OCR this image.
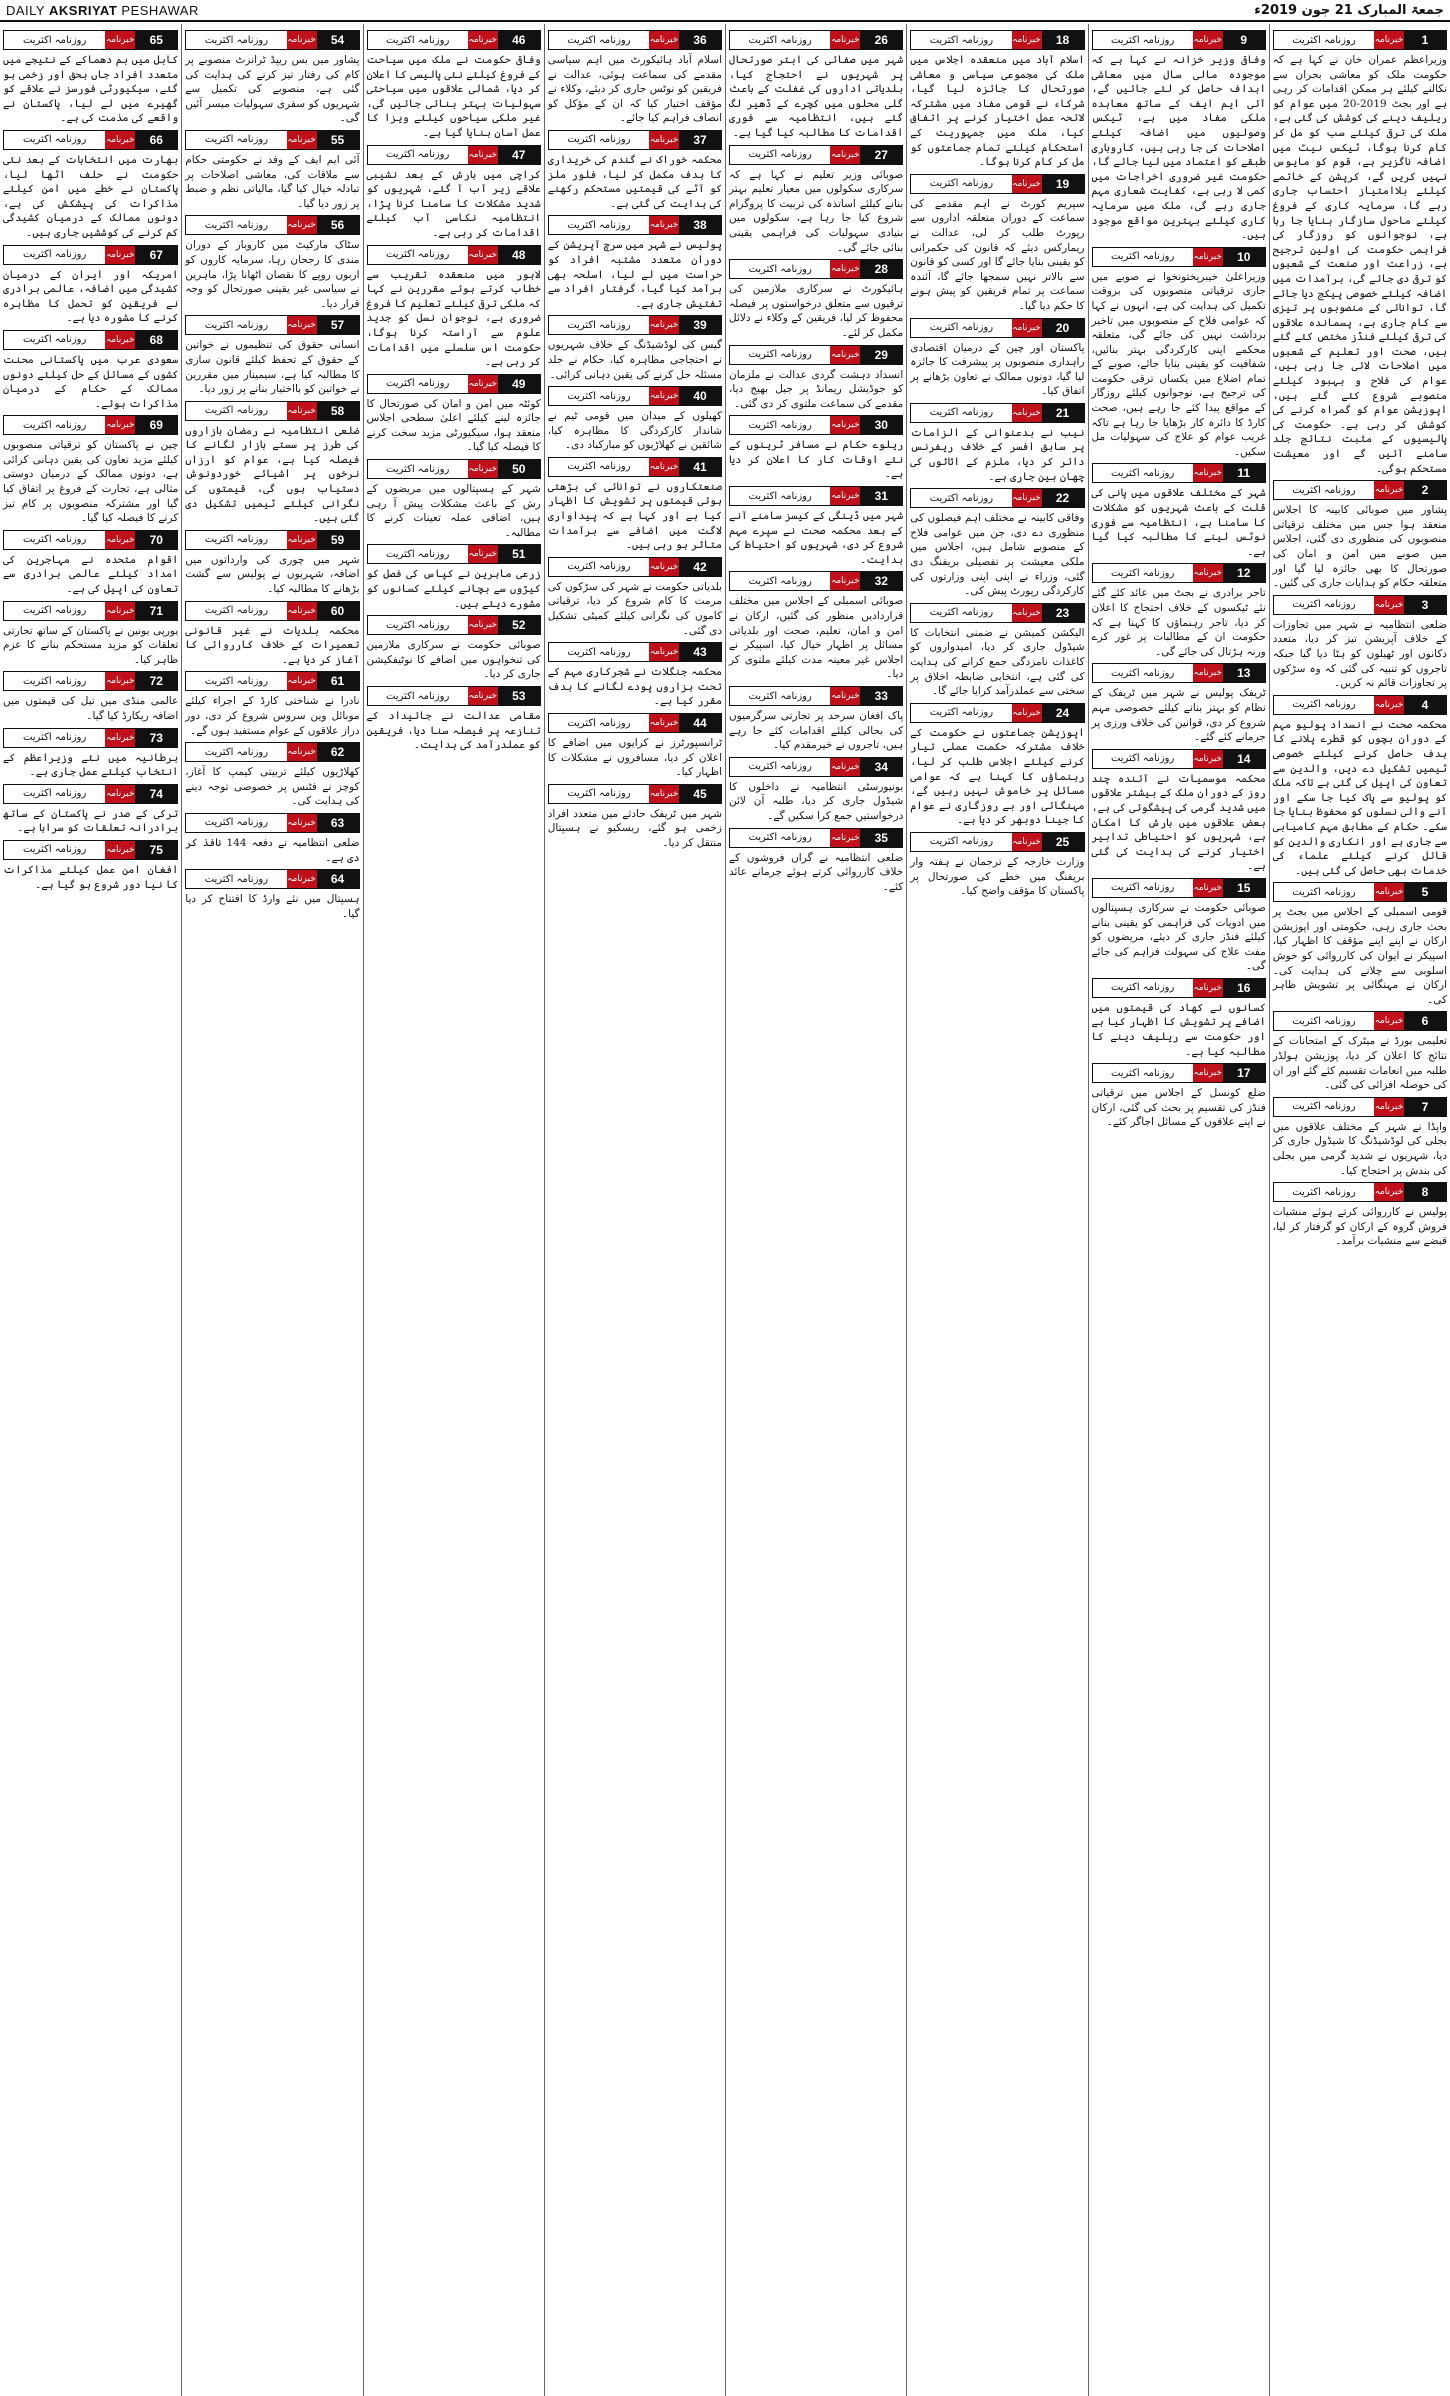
DAILY AKSRIYAT PESHAWAR	جمعۃ المبارک 21 جون 2019ء
1
خبرنامہ
روزنامہ اکثریت
وزیراعظم عمران خان نے کہا ہے کہ حکومت ملک کو معاشی بحران سے نکالنے کیلئے ہر ممکن اقدامات کر رہی ہے اور بجٹ 2019-20 میں عوام کو ریلیف دینے کی کوشش کی گئی ہے، ملک کی ترقی کیلئے سب کو مل کر کام کرنا ہوگا، ٹیکس نیٹ میں اضافہ ناگزیر ہے، قوم کو مایوس نہیں کریں گے، کرپشن کے خاتمے کیلئے بلاامتیاز احتساب جاری رہے گا، سرمایہ کاری کے فروغ کیلئے ماحول سازگار بنایا جا رہا ہے، نوجوانوں کو روزگار کی فراہمی حکومت کی اولین ترجیح ہے، زراعت اور صنعت کے شعبوں کو ترقی دی جائے گی، برآمدات میں اضافہ کیلئے خصوصی پیکج دیا جائے گا، توانائی کے منصوبوں پر تیزی سے کام جاری ہے، پسماندہ علاقوں کی ترقی کیلئے فنڈز مختص کئے گئے ہیں، صحت اور تعلیم کے شعبوں میں اصلاحات لائی جا رہی ہیں، عوام کی فلاح و بہبود کیلئے منصوبے شروع کئے گئے ہیں، اپوزیشن عوام کو گمراہ کرنے کی کوشش کر رہی ہے۔ حکومت کی پالیسیوں کے مثبت نتائج جلد سامنے آئیں گے اور معیشت مستحکم ہوگی۔
2
خبرنامہ
روزنامہ اکثریت
پشاور میں صوبائی کابینہ کا اجلاس منعقد ہوا جس میں مختلف ترقیاتی منصوبوں کی منظوری دی گئی، اجلاس میں صوبے میں امن و امان کی صورتحال کا بھی جائزہ لیا گیا اور متعلقہ حکام کو ہدایات جاری کی گئیں۔
3
خبرنامہ
روزنامہ اکثریت
ضلعی انتظامیہ نے شہر میں تجاوزات کے خلاف آپریشن تیز کر دیا، متعدد دکانوں اور ٹھیلوں کو ہٹا دیا گیا جبکہ تاجروں کو تنبیہ کی گئی کہ وہ سڑکوں پر تجاوزات قائم نہ کریں۔
4
خبرنامہ
روزنامہ اکثریت
محکمہ صحت نے انسداد پولیو مہم کے دوران بچوں کو قطرے پلانے کا ہدف حاصل کرنے کیلئے خصوصی ٹیمیں تشکیل دے دیں، والدین سے تعاون کی اپیل کی گئی ہے تاکہ ملک کو پولیو سے پاک کیا جا سکے اور آنے والی نسلوں کو محفوظ بنایا جا سکے۔ حکام کے مطابق مہم کامیابی سے جاری ہے اور انکاری والدین کو قائل کرنے کیلئے علماء کی خدمات بھی حاصل کی گئی ہیں۔
5
خبرنامہ
روزنامہ اکثریت
قومی اسمبلی کے اجلاس میں بجٹ پر بحث جاری رہی، حکومتی اور اپوزیشن ارکان نے اپنے اپنے مؤقف کا اظہار کیا، اسپیکر نے ایوان کی کارروائی کو خوش اسلوبی سے چلانے کی ہدایت کی۔ ارکان نے مہنگائی پر تشویش ظاہر کی۔
6
خبرنامہ
روزنامہ اکثریت
تعلیمی بورڈ نے میٹرک کے امتحانات کے نتائج کا اعلان کر دیا، پوزیشن ہولڈر طلبہ میں انعامات تقسیم کئے گئے اور ان کی حوصلہ افزائی کی گئی۔
7
خبرنامہ
روزنامہ اکثریت
واپڈا نے شہر کے مختلف علاقوں میں بجلی کی لوڈشیڈنگ کا شیڈول جاری کر دیا، شہریوں نے شدید گرمی میں بجلی کی بندش پر احتجاج کیا۔
8
خبرنامہ
روزنامہ اکثریت
پولیس نے کارروائی کرتے ہوئے منشیات فروش گروہ کے ارکان کو گرفتار کر لیا، قبضے سے منشیات برآمد۔
9
خبرنامہ
روزنامہ اکثریت
وفاقی وزیر خزانہ نے کہا ہے کہ موجودہ مالی سال میں معاشی اہداف حاصل کر لئے جائیں گے، آئی ایم ایف کے ساتھ معاہدہ ملکی مفاد میں ہے، ٹیکس وصولیوں میں اضافہ کیلئے اصلاحات کی جا رہی ہیں، کاروباری طبقے کو اعتماد میں لیا جائے گا، حکومت غیر ضروری اخراجات میں کمی لا رہی ہے، کفایت شعاری مہم جاری رہے گی، ملک میں سرمایہ کاری کیلئے بہترین مواقع موجود ہیں۔
10
خبرنامہ
روزنامہ اکثریت
وزیراعلیٰ خیبرپختونخوا نے صوبے میں جاری ترقیاتی منصوبوں کی بروقت تکمیل کی ہدایت کی ہے، انہوں نے کہا کہ عوامی فلاح کے منصوبوں میں تاخیر برداشت نہیں کی جائے گی، متعلقہ محکمے اپنی کارکردگی بہتر بنائیں، شفافیت کو یقینی بنایا جائے، صوبے کے تمام اضلاع میں یکساں ترقی حکومت کی ترجیح ہے، نوجوانوں کیلئے روزگار کے مواقع پیدا کئے جا رہے ہیں، صحت کارڈ کا دائرہ کار بڑھایا جا رہا ہے تاکہ غریب عوام کو علاج کی سہولیات مل سکیں۔
11
خبرنامہ
روزنامہ اکثریت
شہر کے مختلف علاقوں میں پانی کی قلت کے باعث شہریوں کو مشکلات کا سامنا ہے، انتظامیہ سے فوری نوٹس لینے کا مطالبہ کیا گیا ہے۔
12
خبرنامہ
روزنامہ اکثریت
تاجر برادری نے بجٹ میں عائد کئے گئے نئے ٹیکسوں کے خلاف احتجاج کا اعلان کر دیا، تاجر رہنماؤں کا کہنا ہے کہ حکومت ان کے مطالبات پر غور کرے ورنہ ہڑتال کی جائے گی۔
13
خبرنامہ
روزنامہ اکثریت
ٹریفک پولیس نے شہر میں ٹریفک کے نظام کو بہتر بنانے کیلئے خصوصی مہم شروع کر دی، قوانین کی خلاف ورزی پر جرمانے کئے گئے۔
14
خبرنامہ
روزنامہ اکثریت
محکمہ موسمیات نے آئندہ چند روز کے دوران ملک کے بیشتر علاقوں میں شدید گرمی کی پیشگوئی کی ہے، بعض علاقوں میں بارش کا امکان ہے، شہریوں کو احتیاطی تدابیر اختیار کرنے کی ہدایت کی گئی ہے۔
15
خبرنامہ
روزنامہ اکثریت
صوبائی حکومت نے سرکاری ہسپتالوں میں ادویات کی فراہمی کو یقینی بنانے کیلئے فنڈز جاری کر دیئے، مریضوں کو مفت علاج کی سہولت فراہم کی جائے گی۔
16
خبرنامہ
روزنامہ اکثریت
کسانوں نے کھاد کی قیمتوں میں اضافے پر تشویش کا اظہار کیا ہے اور حکومت سے ریلیف دینے کا مطالبہ کیا ہے۔
17
خبرنامہ
روزنامہ اکثریت
ضلع کونسل کے اجلاس میں ترقیاتی فنڈز کی تقسیم پر بحث کی گئی، ارکان نے اپنے علاقوں کے مسائل اجاگر کئے۔
18
خبرنامہ
روزنامہ اکثریت
اسلام آباد میں منعقدہ اجلاس میں ملک کی مجموعی سیاسی و معاشی صورتحال کا جائزہ لیا گیا، شرکاء نے قومی مفاد میں مشترکہ لائحہ عمل اختیار کرنے پر اتفاق کیا، ملک میں جمہوریت کے استحکام کیلئے تمام جماعتوں کو مل کر کام کرنا ہوگا۔
19
خبرنامہ
روزنامہ اکثریت
سپریم کورٹ نے اہم مقدمے کی سماعت کے دوران متعلقہ اداروں سے رپورٹ طلب کر لی، عدالت نے ریمارکس دیئے کہ قانون کی حکمرانی کو یقینی بنایا جائے گا اور کسی کو قانون سے بالاتر نہیں سمجھا جائے گا، آئندہ سماعت پر تمام فریقین کو پیش ہونے کا حکم دیا گیا۔
20
خبرنامہ
روزنامہ اکثریت
پاکستان اور چین کے درمیان اقتصادی راہداری منصوبوں پر پیشرفت کا جائزہ لیا گیا، دونوں ممالک نے تعاون بڑھانے پر اتفاق کیا۔
21
خبرنامہ
روزنامہ اکثریت
نیب نے بدعنوانی کے الزامات پر سابق افسر کے خلاف ریفرنس دائر کر دیا، ملزم کے اثاثوں کی چھان بین جاری ہے۔
22
خبرنامہ
روزنامہ اکثریت
وفاقی کابینہ نے مختلف اہم فیصلوں کی منظوری دے دی، جن میں عوامی فلاح کے منصوبے شامل ہیں، اجلاس میں ملکی معیشت پر تفصیلی بریفنگ دی گئی، وزراء نے اپنی اپنی وزارتوں کی کارکردگی رپورٹ پیش کی۔
23
خبرنامہ
روزنامہ اکثریت
الیکشن کمیشن نے ضمنی انتخابات کا شیڈول جاری کر دیا، امیدواروں کو کاغذات نامزدگی جمع کرانے کی ہدایت کی گئی ہے، انتخابی ضابطہ اخلاق پر سختی سے عملدرآمد کرایا جائے گا۔
24
خبرنامہ
روزنامہ اکثریت
اپوزیشن جماعتوں نے حکومت کے خلاف مشترکہ حکمت عملی تیار کرنے کیلئے اجلاس طلب کر لیا، رہنماؤں کا کہنا ہے کہ عوامی مسائل پر خاموش نہیں رہیں گے، مہنگائی اور بے روزگاری نے عوام کا جینا دوبھر کر دیا ہے۔
25
خبرنامہ
روزنامہ اکثریت
وزارت خارجہ کے ترجمان نے ہفتہ وار بریفنگ میں خطے کی صورتحال پر پاکستان کا مؤقف واضح کیا۔
26
خبرنامہ
روزنامہ اکثریت
شہر میں صفائی کی ابتر صورتحال پر شہریوں نے احتجاج کیا، بلدیاتی اداروں کی غفلت کے باعث گلی محلوں میں کچرے کے ڈھیر لگ گئے ہیں، انتظامیہ سے فوری اقدامات کا مطالبہ کیا گیا ہے۔
27
خبرنامہ
روزنامہ اکثریت
صوبائی وزیر تعلیم نے کہا ہے کہ سرکاری سکولوں میں معیار تعلیم بہتر بنانے کیلئے اساتذہ کی تربیت کا پروگرام شروع کیا جا رہا ہے، سکولوں میں بنیادی سہولیات کی فراہمی یقینی بنائی جائے گی۔
28
خبرنامہ
روزنامہ اکثریت
ہائیکورٹ نے سرکاری ملازمین کی ترقیوں سے متعلق درخواستوں پر فیصلہ محفوظ کر لیا، فریقین کے وکلاء نے دلائل مکمل کر لئے۔
29
خبرنامہ
روزنامہ اکثریت
انسداد دہشت گردی عدالت نے ملزمان کو جوڈیشل ریمانڈ پر جیل بھیج دیا، مقدمے کی سماعت ملتوی کر دی گئی۔
30
خبرنامہ
روزنامہ اکثریت
ریلوے حکام نے مسافر ٹرینوں کے نئے اوقات کار کا اعلان کر دیا ہے۔
31
خبرنامہ
روزنامہ اکثریت
شہر میں ڈینگی کے کیسز سامنے آنے کے بعد محکمہ صحت نے سپرے مہم شروع کر دی، شہریوں کو احتیاط کی ہدایت۔
32
خبرنامہ
روزنامہ اکثریت
صوبائی اسمبلی کے اجلاس میں مختلف قراردادیں منظور کی گئیں، ارکان نے امن و امان، تعلیم، صحت اور بلدیاتی مسائل پر اظہار خیال کیا، اسپیکر نے اجلاس غیر معینہ مدت کیلئے ملتوی کر دیا۔
33
خبرنامہ
روزنامہ اکثریت
پاک افغان سرحد پر تجارتی سرگرمیوں کی بحالی کیلئے اقدامات کئے جا رہے ہیں، تاجروں نے خیرمقدم کیا۔
34
خبرنامہ
روزنامہ اکثریت
یونیورسٹی انتظامیہ نے داخلوں کا شیڈول جاری کر دیا، طلبہ آن لائن درخواستیں جمع کرا سکیں گے۔
35
خبرنامہ
روزنامہ اکثریت
ضلعی انتظامیہ نے گراں فروشوں کے خلاف کارروائی کرتے ہوئے جرمانے عائد کئے۔
36
خبرنامہ
روزنامہ اکثریت
اسلام آباد ہائیکورٹ میں اہم سیاسی مقدمے کی سماعت ہوئی، عدالت نے فریقین کو نوٹس جاری کر دیئے، وکلاء نے مؤقف اختیار کیا کہ ان کے مؤکل کو انصاف فراہم کیا جائے۔
37
خبرنامہ
روزنامہ اکثریت
محکمہ خوراک نے گندم کی خریداری کا ہدف مکمل کر لیا، فلور ملز کو آٹے کی قیمتیں مستحکم رکھنے کی ہدایت کی گئی ہے۔
38
خبرنامہ
روزنامہ اکثریت
پولیس نے شہر میں سرچ آپریشن کے دوران متعدد مشتبہ افراد کو حراست میں لے لیا، اسلحہ بھی برآمد کیا گیا، گرفتار افراد سے تفتیش جاری ہے۔
39
خبرنامہ
روزنامہ اکثریت
گیس کی لوڈشیڈنگ کے خلاف شہریوں نے احتجاجی مظاہرہ کیا، حکام نے جلد مسئلہ حل کرنے کی یقین دہانی کرائی۔
40
خبرنامہ
روزنامہ اکثریت
کھیلوں کے میدان میں قومی ٹیم نے شاندار کارکردگی کا مظاہرہ کیا، شائقین نے کھلاڑیوں کو مبارکباد دی۔
41
خبرنامہ
روزنامہ اکثریت
صنعتکاروں نے توانائی کی بڑھتی ہوئی قیمتوں پر تشویش کا اظہار کیا ہے اور کہا ہے کہ پیداواری لاگت میں اضافے سے برآمدات متاثر ہو رہی ہیں۔
42
خبرنامہ
روزنامہ اکثریت
بلدیاتی حکومت نے شہر کی سڑکوں کی مرمت کا کام شروع کر دیا، ترقیاتی کاموں کی نگرانی کیلئے کمیٹی تشکیل دی گئی۔
43
خبرنامہ
روزنامہ اکثریت
محکمہ جنگلات نے شجرکاری مہم کے تحت ہزاروں پودے لگانے کا ہدف مقرر کیا ہے۔
44
خبرنامہ
روزنامہ اکثریت
ٹرانسپورٹرز نے کرایوں میں اضافے کا اعلان کر دیا، مسافروں نے مشکلات کا اظہار کیا۔
45
خبرنامہ
روزنامہ اکثریت
شہر میں ٹریفک حادثے میں متعدد افراد زخمی ہو گئے، ریسکیو نے ہسپتال منتقل کر دیا۔
46
خبرنامہ
روزنامہ اکثریت
وفاقی حکومت نے ملک میں سیاحت کے فروغ کیلئے نئی پالیسی کا اعلان کر دیا، شمالی علاقوں میں سیاحتی سہولیات بہتر بنائی جائیں گی، غیر ملکی سیاحوں کیلئے ویزا کا عمل آسان بنایا گیا ہے۔
47
خبرنامہ
روزنامہ اکثریت
کراچی میں بارش کے بعد نشیبی علاقے زیر آب آ گئے، شہریوں کو شدید مشکلات کا سامنا کرنا پڑا، انتظامیہ نکاسی آب کیلئے اقدامات کر رہی ہے۔
48
خبرنامہ
روزنامہ اکثریت
لاہور میں منعقدہ تقریب سے خطاب کرتے ہوئے مقررین نے کہا کہ ملکی ترقی کیلئے تعلیم کا فروغ ضروری ہے، نوجوان نسل کو جدید علوم سے آراستہ کرنا ہوگا، حکومت اس سلسلے میں اقدامات کر رہی ہے۔
49
خبرنامہ
روزنامہ اکثریت
کوئٹہ میں امن و امان کی صورتحال کا جائزہ لینے کیلئے اعلیٰ سطحی اجلاس منعقد ہوا، سیکیورٹی مزید سخت کرنے کا فیصلہ کیا گیا۔
50
خبرنامہ
روزنامہ اکثریت
شہر کے ہسپتالوں میں مریضوں کے رش کے باعث مشکلات پیش آ رہی ہیں، اضافی عملہ تعینات کرنے کا مطالبہ۔
51
خبرنامہ
روزنامہ اکثریت
زرعی ماہرین نے کپاس کی فصل کو کیڑوں سے بچانے کیلئے کسانوں کو مشورے دیئے ہیں۔
52
خبرنامہ
روزنامہ اکثریت
صوبائی حکومت نے سرکاری ملازمین کی تنخواہوں میں اضافے کا نوٹیفکیشن جاری کر دیا۔
53
خبرنامہ
روزنامہ اکثریت
مقامی عدالت نے جائیداد کے تنازعہ پر فیصلہ سنا دیا، فریقین کو عملدرآمد کی ہدایت۔
54
خبرنامہ
روزنامہ اکثریت
پشاور میں بس ریپڈ ٹرانزٹ منصوبے پر کام کی رفتار تیز کرنے کی ہدایت کی گئی ہے، منصوبے کی تکمیل سے شہریوں کو سفری سہولیات میسر آئیں گی۔
55
خبرنامہ
روزنامہ اکثریت
آئی ایم ایف کے وفد نے حکومتی حکام سے ملاقات کی، معاشی اصلاحات پر تبادلہ خیال کیا گیا، مالیاتی نظم و ضبط پر زور دیا گیا۔
56
خبرنامہ
روزنامہ اکثریت
سٹاک مارکیٹ میں کاروبار کے دوران مندی کا رجحان رہا، سرمایہ کاروں کو اربوں روپے کا نقصان اٹھانا پڑا، ماہرین نے سیاسی غیر یقینی صورتحال کو وجہ قرار دیا۔
57
خبرنامہ
روزنامہ اکثریت
انسانی حقوق کی تنظیموں نے خواتین کے حقوق کے تحفظ کیلئے قانون سازی کا مطالبہ کیا ہے، سیمینار میں مقررین نے خواتین کو بااختیار بنانے پر زور دیا۔
58
خبرنامہ
روزنامہ اکثریت
ضلعی انتظامیہ نے رمضان بازاروں کی طرز پر سستے بازار لگانے کا فیصلہ کیا ہے، عوام کو ارزاں نرخوں پر اشیائے خوردونوش دستیاب ہوں گی، قیمتوں کی نگرانی کیلئے ٹیمیں تشکیل دی گئی ہیں۔
59
خبرنامہ
روزنامہ اکثریت
شہر میں چوری کی وارداتوں میں اضافہ، شہریوں نے پولیس سے گشت بڑھانے کا مطالبہ کیا۔
60
خبرنامہ
روزنامہ اکثریت
محکمہ بلدیات نے غیر قانونی تعمیرات کے خلاف کارروائی کا آغاز کر دیا ہے۔
61
خبرنامہ
روزنامہ اکثریت
نادرا نے شناختی کارڈ کے اجراء کیلئے موبائل وین سروس شروع کر دی، دور دراز علاقوں کے عوام مستفید ہوں گے۔
62
خبرنامہ
روزنامہ اکثریت
کھلاڑیوں کیلئے تربیتی کیمپ کا آغاز، کوچز نے فٹنس پر خصوصی توجہ دینے کی ہدایت کی۔
63
خبرنامہ
روزنامہ اکثریت
ضلعی انتظامیہ نے دفعہ 144 نافذ کر دی ہے۔
64
خبرنامہ
روزنامہ اکثریت
ہسپتال میں نئے وارڈ کا افتتاح کر دیا گیا۔
65
خبرنامہ
روزنامہ اکثریت
کابل میں بم دھماکے کے نتیجے میں متعدد افراد جاں بحق اور زخمی ہو گئے، سیکیورٹی فورسز نے علاقے کو گھیرے میں لے لیا، پاکستان نے واقعے کی مذمت کی ہے۔
66
خبرنامہ
روزنامہ اکثریت
بھارت میں انتخابات کے بعد نئی حکومت نے حلف اٹھا لیا، پاکستان نے خطے میں امن کیلئے مذاکرات کی پیشکش کی ہے، دونوں ممالک کے درمیان کشیدگی کم کرنے کی کوششیں جاری ہیں۔
67
خبرنامہ
روزنامہ اکثریت
امریکہ اور ایران کے درمیان کشیدگی میں اضافہ، عالمی برادری نے فریقین کو تحمل کا مظاہرہ کرنے کا مشورہ دیا ہے۔
68
خبرنامہ
روزنامہ اکثریت
سعودی عرب میں پاکستانی محنت کشوں کے مسائل کے حل کیلئے دونوں ممالک کے حکام کے درمیان مذاکرات ہوئے۔
69
خبرنامہ
روزنامہ اکثریت
چین نے پاکستان کو ترقیاتی منصوبوں کیلئے مزید تعاون کی یقین دہانی کرائی ہے، دونوں ممالک کے درمیان دوستی مثالی ہے، تجارت کے فروغ پر اتفاق کیا گیا اور مشترکہ منصوبوں پر کام تیز کرنے کا فیصلہ کیا گیا۔
70
خبرنامہ
روزنامہ اکثریت
اقوام متحدہ نے مہاجرین کی امداد کیلئے عالمی برادری سے تعاون کی اپیل کی ہے۔
71
خبرنامہ
روزنامہ اکثریت
یورپی یونین نے پاکستان کے ساتھ تجارتی تعلقات کو مزید مستحکم بنانے کا عزم ظاہر کیا۔
72
خبرنامہ
روزنامہ اکثریت
عالمی منڈی میں تیل کی قیمتوں میں اضافہ ریکارڈ کیا گیا۔
73
خبرنامہ
روزنامہ اکثریت
برطانیہ میں نئے وزیراعظم کے انتخاب کیلئے عمل جاری ہے۔
74
خبرنامہ
روزنامہ اکثریت
ترکی کے صدر نے پاکستان کے ساتھ برادرانہ تعلقات کو سراہا ہے۔
75
خبرنامہ
روزنامہ اکثریت
افغان امن عمل کیلئے مذاکرات کا نیا دور شروع ہو گیا ہے۔
